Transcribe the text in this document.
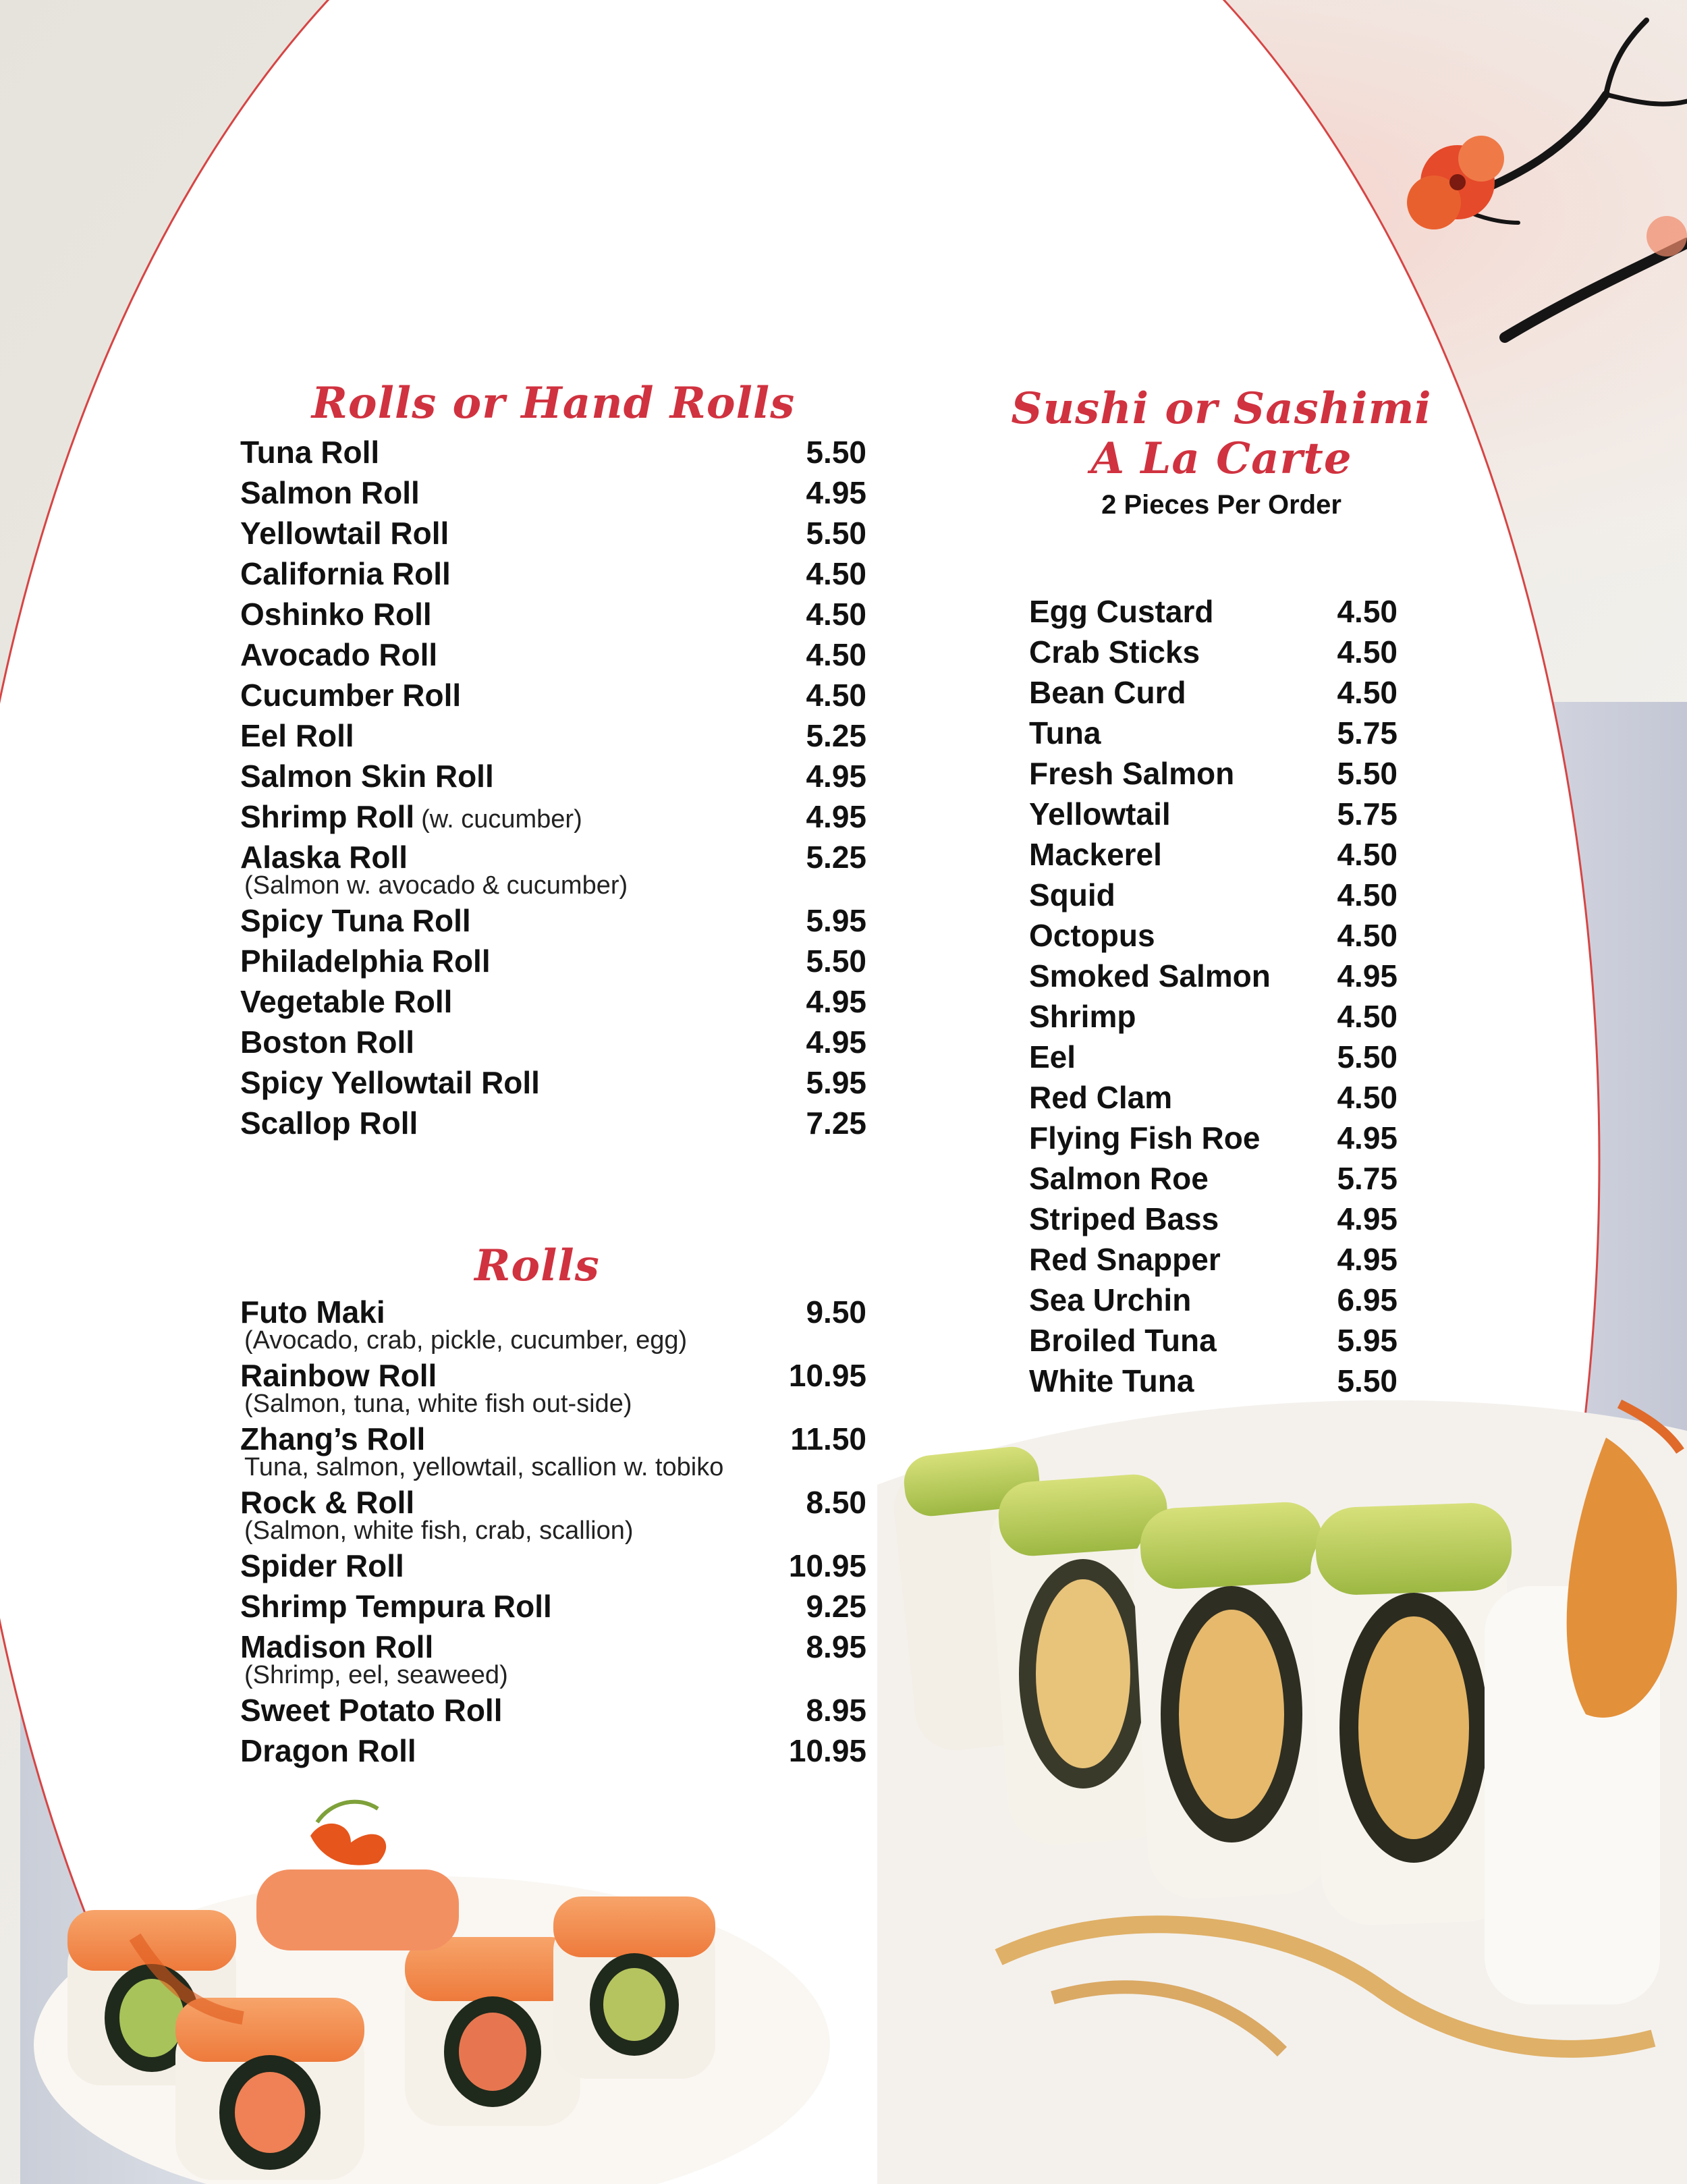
Rolls or Hand Rolls
Tuna Roll	5.50
Salmon Roll	4.95
Yellowtail Roll	5.50
California Roll	4.50
Oshinko Roll	4.50
Avocado Roll	4.50
Cucumber Roll	4.50
Eel Roll	5.25
Salmon Skin Roll	4.95
Shrimp Roll (w. cucumber)	4.95
Alaska Roll	5.25
(Salmon w. avocado & cucumber)
Spicy Tuna Roll	5.95
Philadelphia Roll	5.50
Vegetable Roll	4.95
Boston Roll	4.95
Spicy Yellowtail Roll	5.95
Scallop Roll	7.25
Rolls
Futo Maki	9.50
(Avocado, crab, pickle, cucumber, egg)
Rainbow Roll	10.95
(Salmon, tuna, white fish out-side)
Zhang’s Roll	11.50
Tuna, salmon, yellowtail, scallion w. tobiko
Rock & Roll	8.50
(Salmon, white fish, crab, scallion)
Spider Roll	10.95
Shrimp Tempura Roll	9.25
Madison Roll	8.95
(Shrimp, eel, seaweed)
Sweet Potato Roll	8.95
Dragon Roll	10.95
Sushi or Sashimi
A La Carte

2 Pieces Per Order

Egg Custard	4.50
Crab Sticks	4.50
Bean Curd	4.50
Tuna	5.75
Fresh Salmon	5.50
Yellowtail	5.75
Mackerel	4.50
Squid	4.50
Octopus	4.50
Smoked Salmon 4.95
Shrimp	4.50
Eel	5.50
Red Clam	4.50
Flying Fish Roe 4.95
Salmon Roe	5.75
Striped Bass	4.95
Red Snapper	4.95
Sea Urchin	6.95
Broiled Tuna	5.95
White Tuna	5.50
